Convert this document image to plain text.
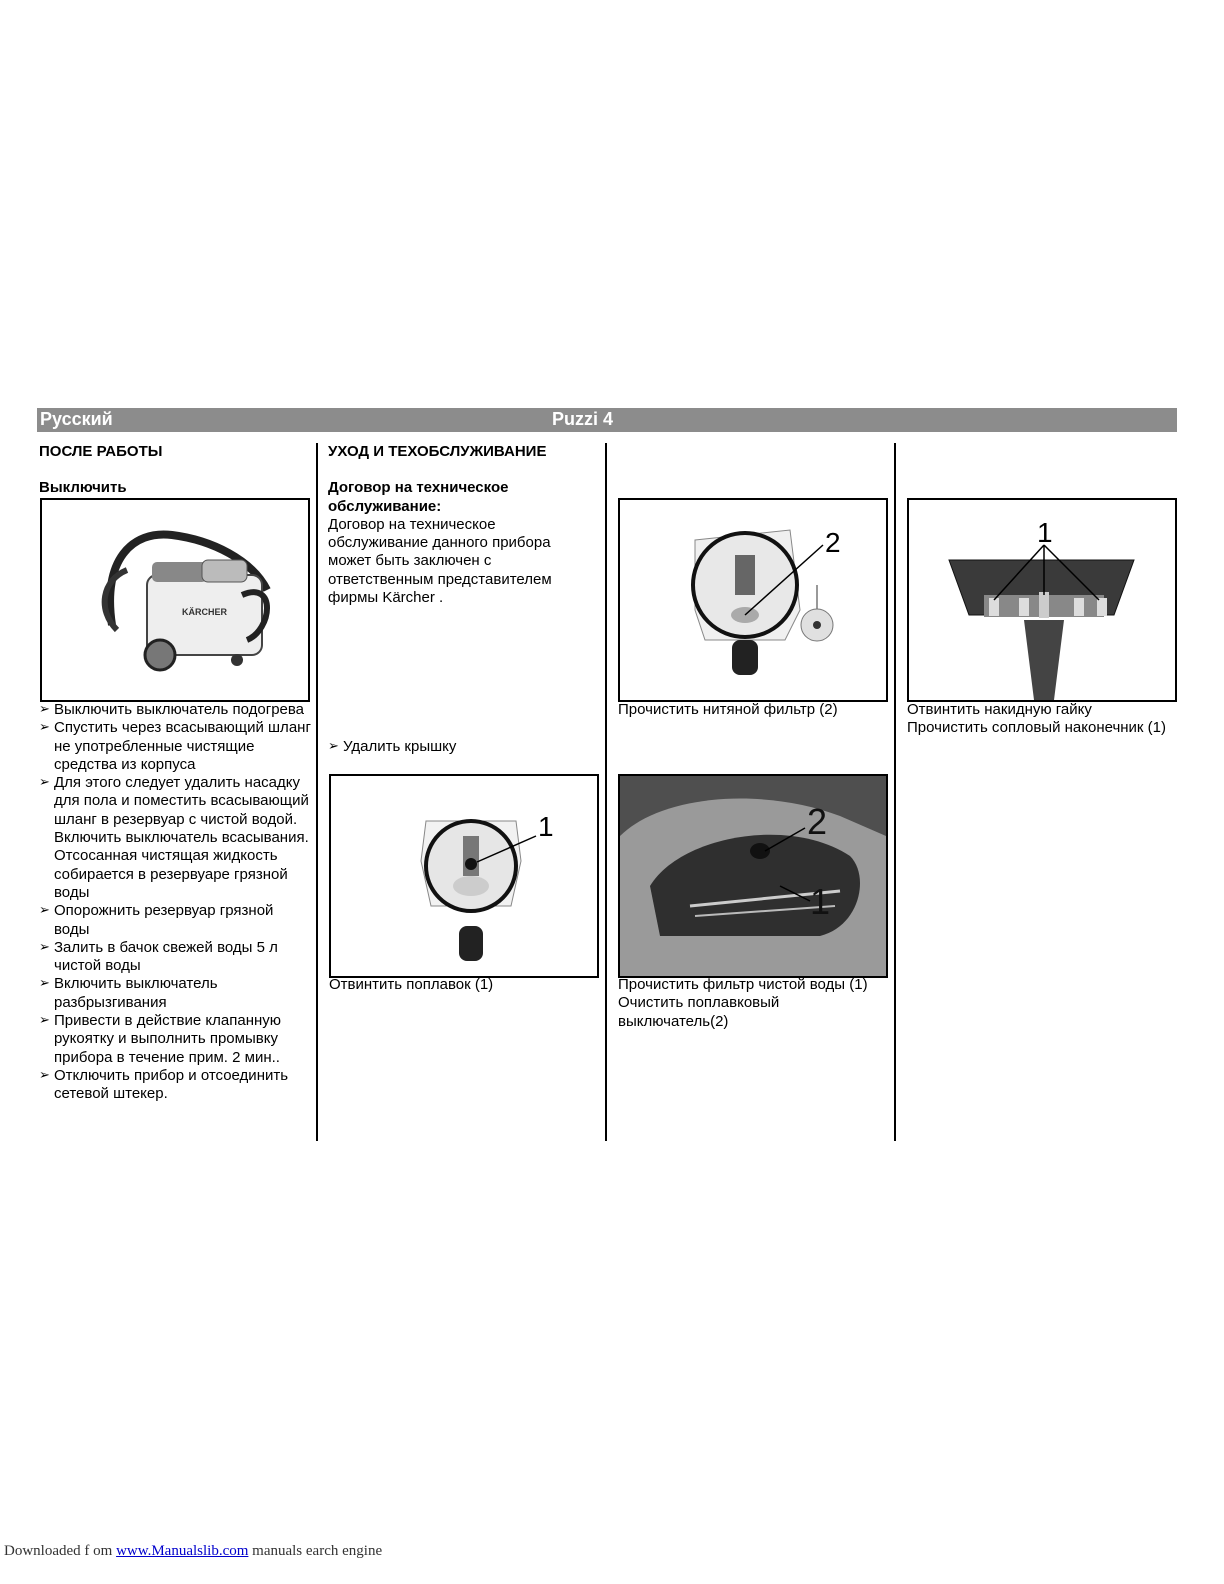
Русский	Puzzi 4
ПОСЛЕ РАБОТЫ
Выключить
KÄRCHER
➢ Выключить выключатель подогрева
➢ Спустить через всасывающий шланг не употребленные чистящие средства из корпуса
➢ Для этого следует удалить насадку для пола и поместить всасывающий шланг в резервуар с чистой водой. Включить выключатель всасывания. Отсосанная чистящая жидкость собирается в резервуаре грязной воды
➢ Опорожнить резервуар грязной воды
➢ Залить в бачок свежей воды 5 л чистой воды
➢ Включить выключатель разбрызгивания
➢ Привести в действие клапанную рукоятку и выполнить промывку прибора в течение прим. 2 мин..
➢ Отключить прибор и отсоединить сетевой штекер.
УХОД И ТЕХОБСЛУЖИВАНИЕ
Договор на техническое обслуживание:
Договор на техническое обслуживание данного прибора может быть заключен с ответственным представителем фирмы Kärcher .
➢ Удалить крышку
1
Отвинтить поплавок (1)
2
Прочистить нитяной фильтр (2)
2
1
Прочистить фильтр чистой воды (1)
Очистить поплавковый выключатель(2)
1
Отвинтить накидную гайку
Прочистить сопловый наконечник (1)
Downloaded f om www.Manualslib.com manuals earch engine
